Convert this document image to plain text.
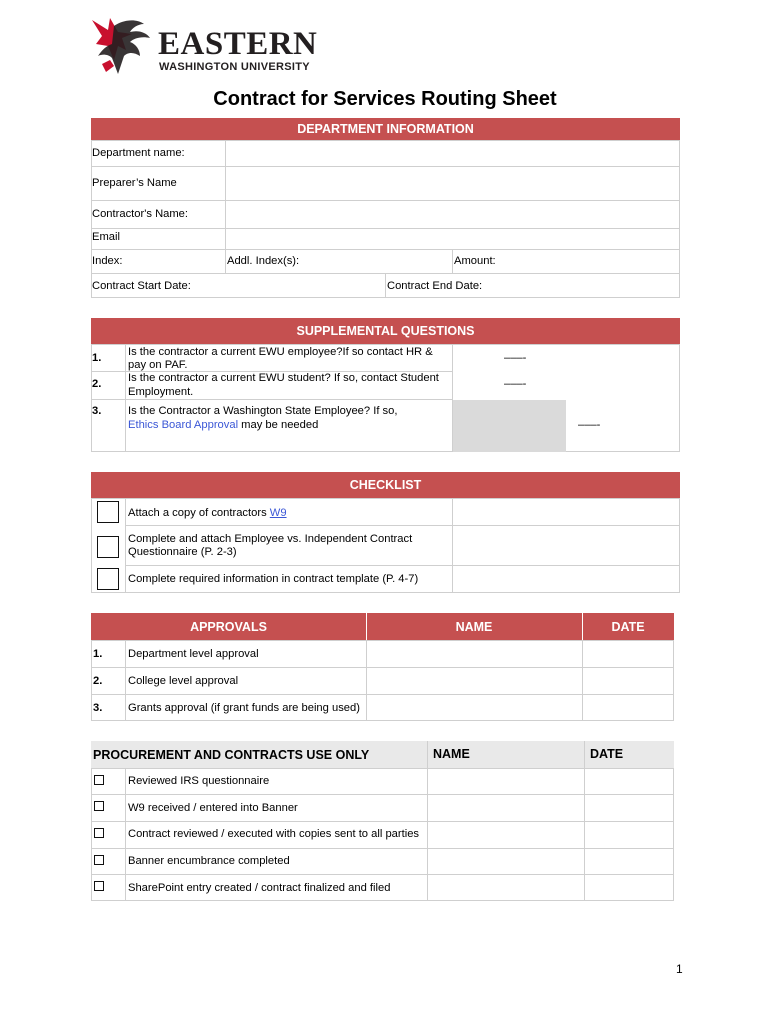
EASTERN
WASHINGTON UNIVERSITY
Contract for Services Routing Sheet
DEPARTMENT INFORMATION
Department name:
Preparer’s Name
Contractor's Name:
Email
Index:	Addl. Index(s):	Amount:
Contract Start Date:	Contract End Date:
SUPPLEMENTAL QUESTIONS
1. Is the contractor a current EWU employee?If so contact HR &
pay on PAF.
–––-
2. Is the contractor a current EWU student? If so, contact Student
Employment.
–––-
3. Is the Contractor a Washington State Employee? If so,
Ethics Board Approval may be needed	–––-
CHECKLIST
Attach a copy of contractors W9
Complete and attach Employee vs. Independent Contract
Questionnaire (P. 2-3)
Complete required information in contract template (P. 4-7)
APPROVALS	NAME	DATE
1. Department level approval
2. College level approval
3. Grants approval (if grant funds are being used)
PROCUREMENT AND CONTRACTS USE ONLY	NAME	DATE
Reviewed IRS questionnaire
W9 received / entered into Banner
Contract reviewed / executed with copies sent to all parties
Banner encumbrance completed
SharePoint entry created / contract finalized and filed
1
